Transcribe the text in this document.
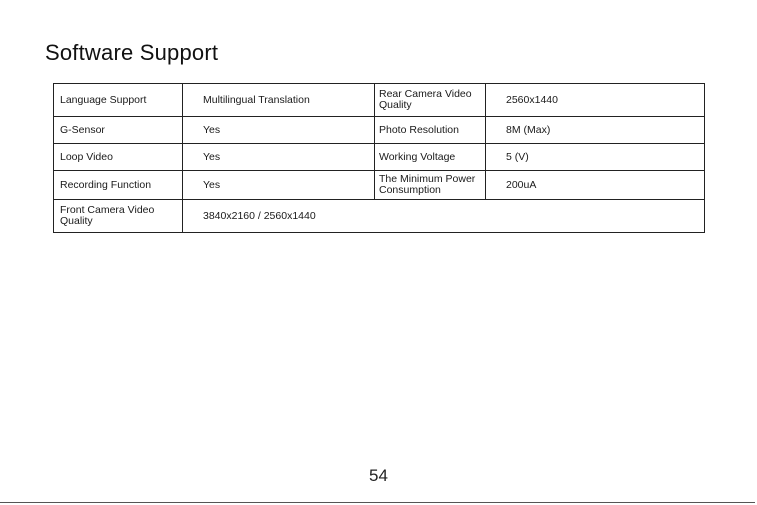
Software Support
Language Support	Multilingual Translation	Rear Camera Video Quality	2560x1440
G-Sensor	Yes	Photo Resolution	8M (Max)
Loop Video	Yes	Working Voltage	5 (V)
Recording Function	Yes	The Minimum Power Consumption	200uA
Front Camera Video Quality	3840x2160 / 2560x1440		
54
